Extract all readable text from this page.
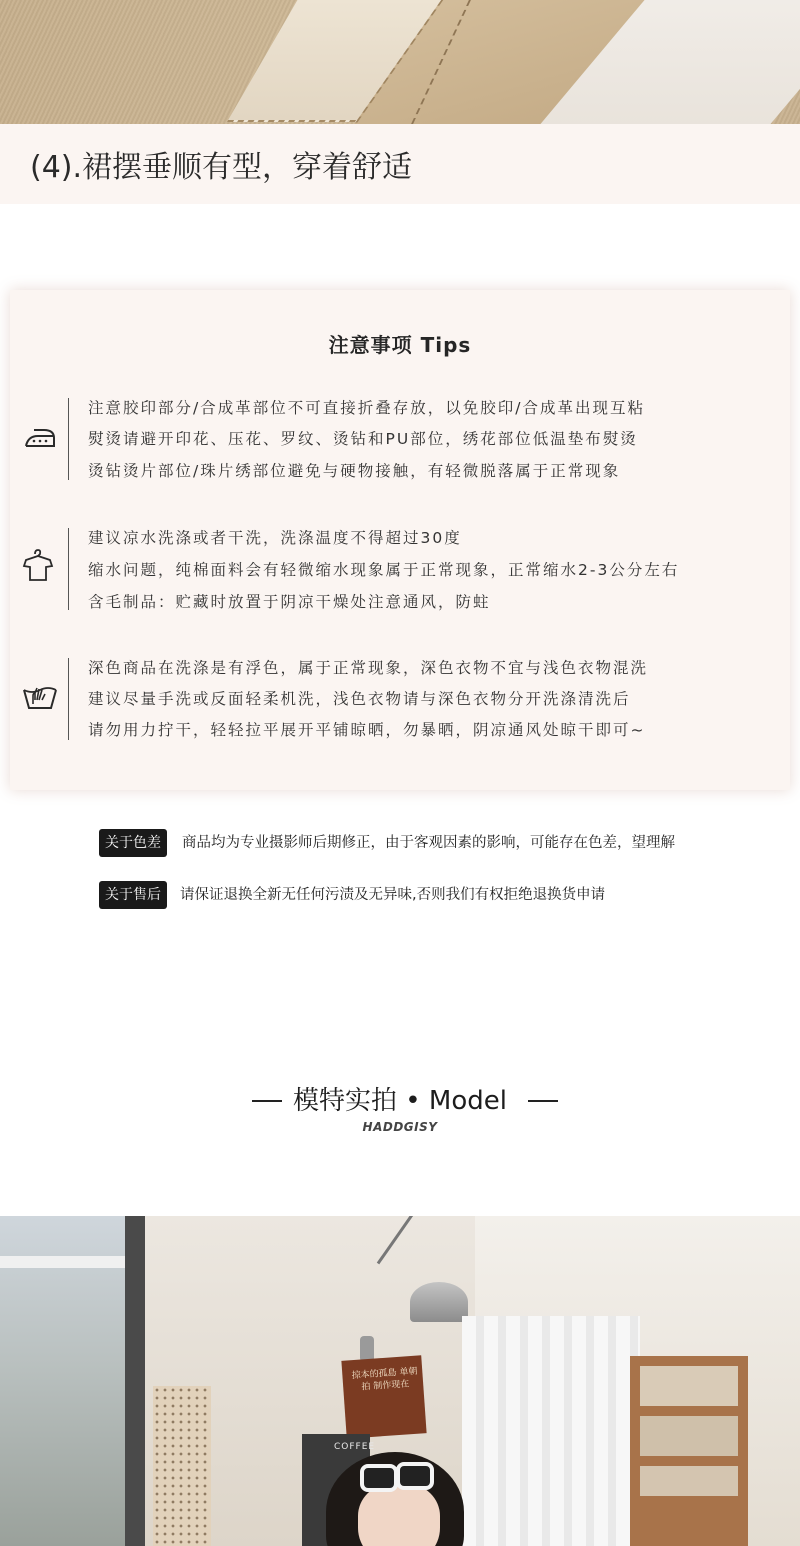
(4).裙摆垂顺有型，穿着舒适
注意事项 Tips
注意胶印部分/合成革部位不可直接折叠存放，以免胶印/合成革出现互粘
熨烫请避开印花、压花、罗纹、烫钻和PU部位，绣花部位低温垫布熨烫
烫钻烫片部位/珠片绣部位避免与硬物接触，有轻微脱落属于正常现象
建议凉水洗涤或者干洗，洗涤温度不得超过30度
缩水问题，纯棉面料会有轻微缩水现象属于正常现象，正常缩水2-3公分左右
含毛制品：贮藏时放置于阴凉干燥处注意通风，防蛀
深色商品在洗涤是有浮色，属于正常现象，深色衣物不宜与浅色衣物混洗
建议尽量手洗或反面轻柔机洗，浅色衣物请与深色衣物分开洗涤清洗后
请勿用力拧干，轻轻拉平展开平铺晾晒，勿暴晒，阴凉通风处晾干即可~
关于色差	商品均为专业摄影师后期修正，由于客观因素的影响，可能存在色差，望理解
关于售后	请保证退换全新无任何污渍及无异味,否则我们有权拒绝退换货申请
模特实拍 • Model
HADDGISY
掠本的孤島 单朝拍 制作现在
COFFEE
